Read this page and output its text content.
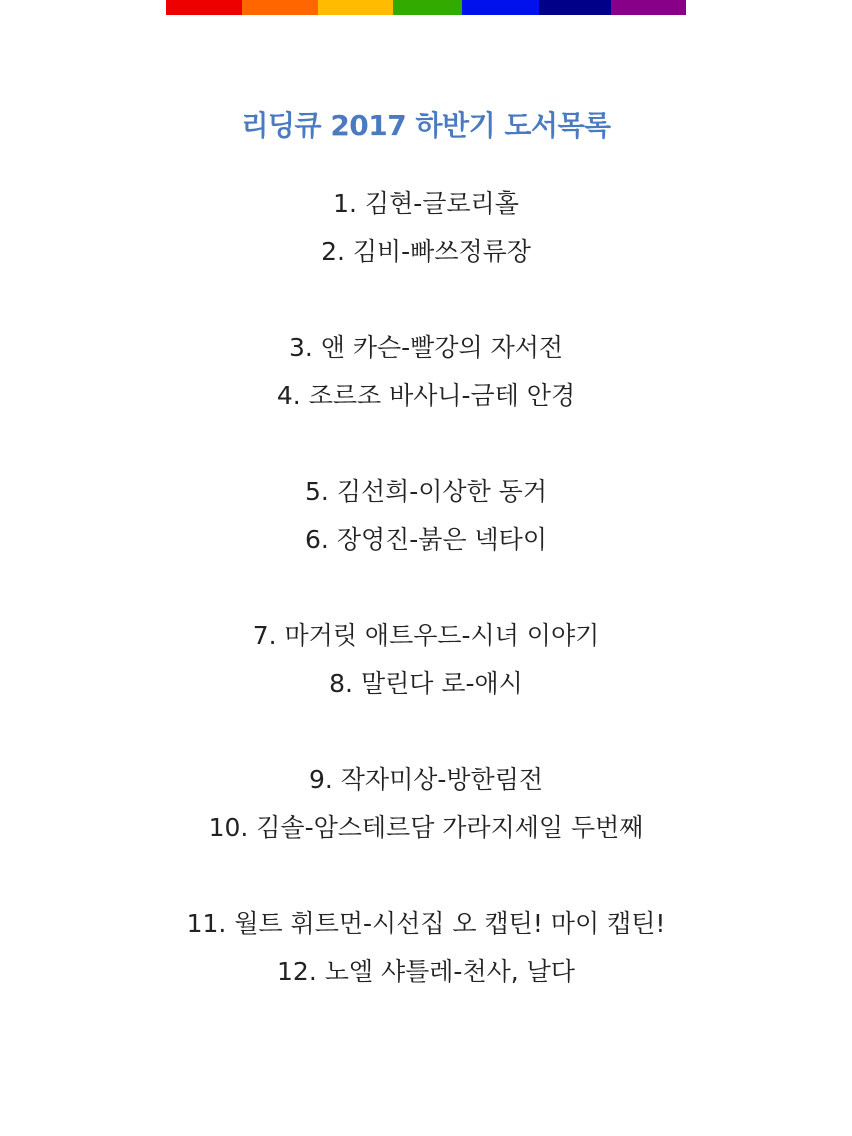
리딩큐 2017 하반기 도서목록
1. 김현-글로리홀
2. 김비-빠쓰정류장
3. 앤 카슨-빨강의 자서전
4. 조르조 바사니-금테 안경
5. 김선희-이상한 동거
6. 장영진-붉은 넥타이
7. 마거릿 애트우드-시녀 이야기
8. 말린다 로-애시
9. 작자미상-방한림전
10. 김솔-암스테르담 가라지세일 두번째
11. 월트 휘트먼-시선집 오 캡틴! 마이 캡틴!
12. 노엘 샤틀레-천사, 날다
